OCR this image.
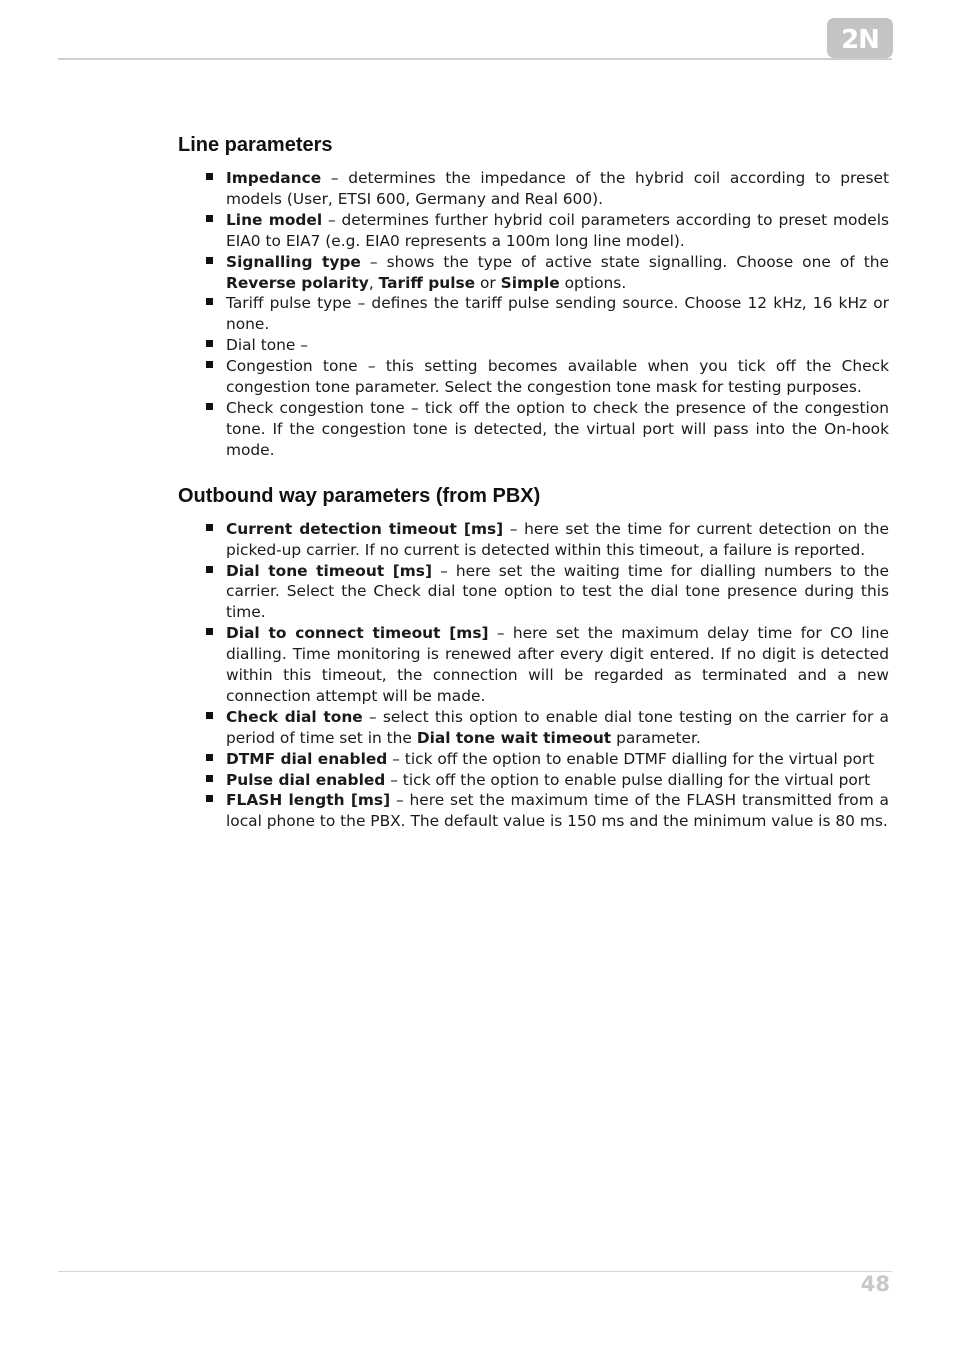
2N
Line parameters
Impedance – determines the impedance of the hybrid coil according to preset models (User, ETSI 600, Germany and Real 600).
Line model – determines further hybrid coil parameters according to preset models EIA0 to EIA7 (e.g. EIA0 represents a 100m long line model).
Signalling type – shows the type of active state signalling. Choose one of the Reverse polarity, Tariff pulse or Simple options.
Tariff pulse type – defines the tariff pulse sending source. Choose 12 kHz, 16 kHz or none.
Dial tone –
Congestion tone – this setting becomes available when you tick off the Check congestion tone parameter. Select the congestion tone mask for testing purposes.
Check congestion tone – tick off the option to check the presence of the congestion tone. If the congestion tone is detected, the virtual port will pass into the On-hook mode.
Outbound way parameters (from PBX)
Current detection timeout [ms] – here set the time for current detection on the picked-up carrier. If no current is detected within this timeout, a failure is reported.
Dial tone timeout [ms] – here set the waiting time for dialling numbers to the carrier. Select the Check dial tone option to test the dial tone presence during this time.
Dial to connect timeout [ms] – here set the maximum delay time for CO line dialling. Time monitoring is renewed after every digit entered. If no digit is detected within this timeout, the connection will be regarded as terminated and a new connection attempt will be made.
Check dial tone – select this option to enable dial tone testing on the carrier for a period of time set in the Dial tone wait timeout parameter.
DTMF dial enabled – tick off the option to enable DTMF dialling for the virtual port
Pulse dial enabled – tick off the option to enable pulse dialling for the virtual port
FLASH length [ms] – here set the maximum time of the FLASH transmitted from a local phone to the PBX. The default value is 150 ms and the minimum value is 80 ms.
48
